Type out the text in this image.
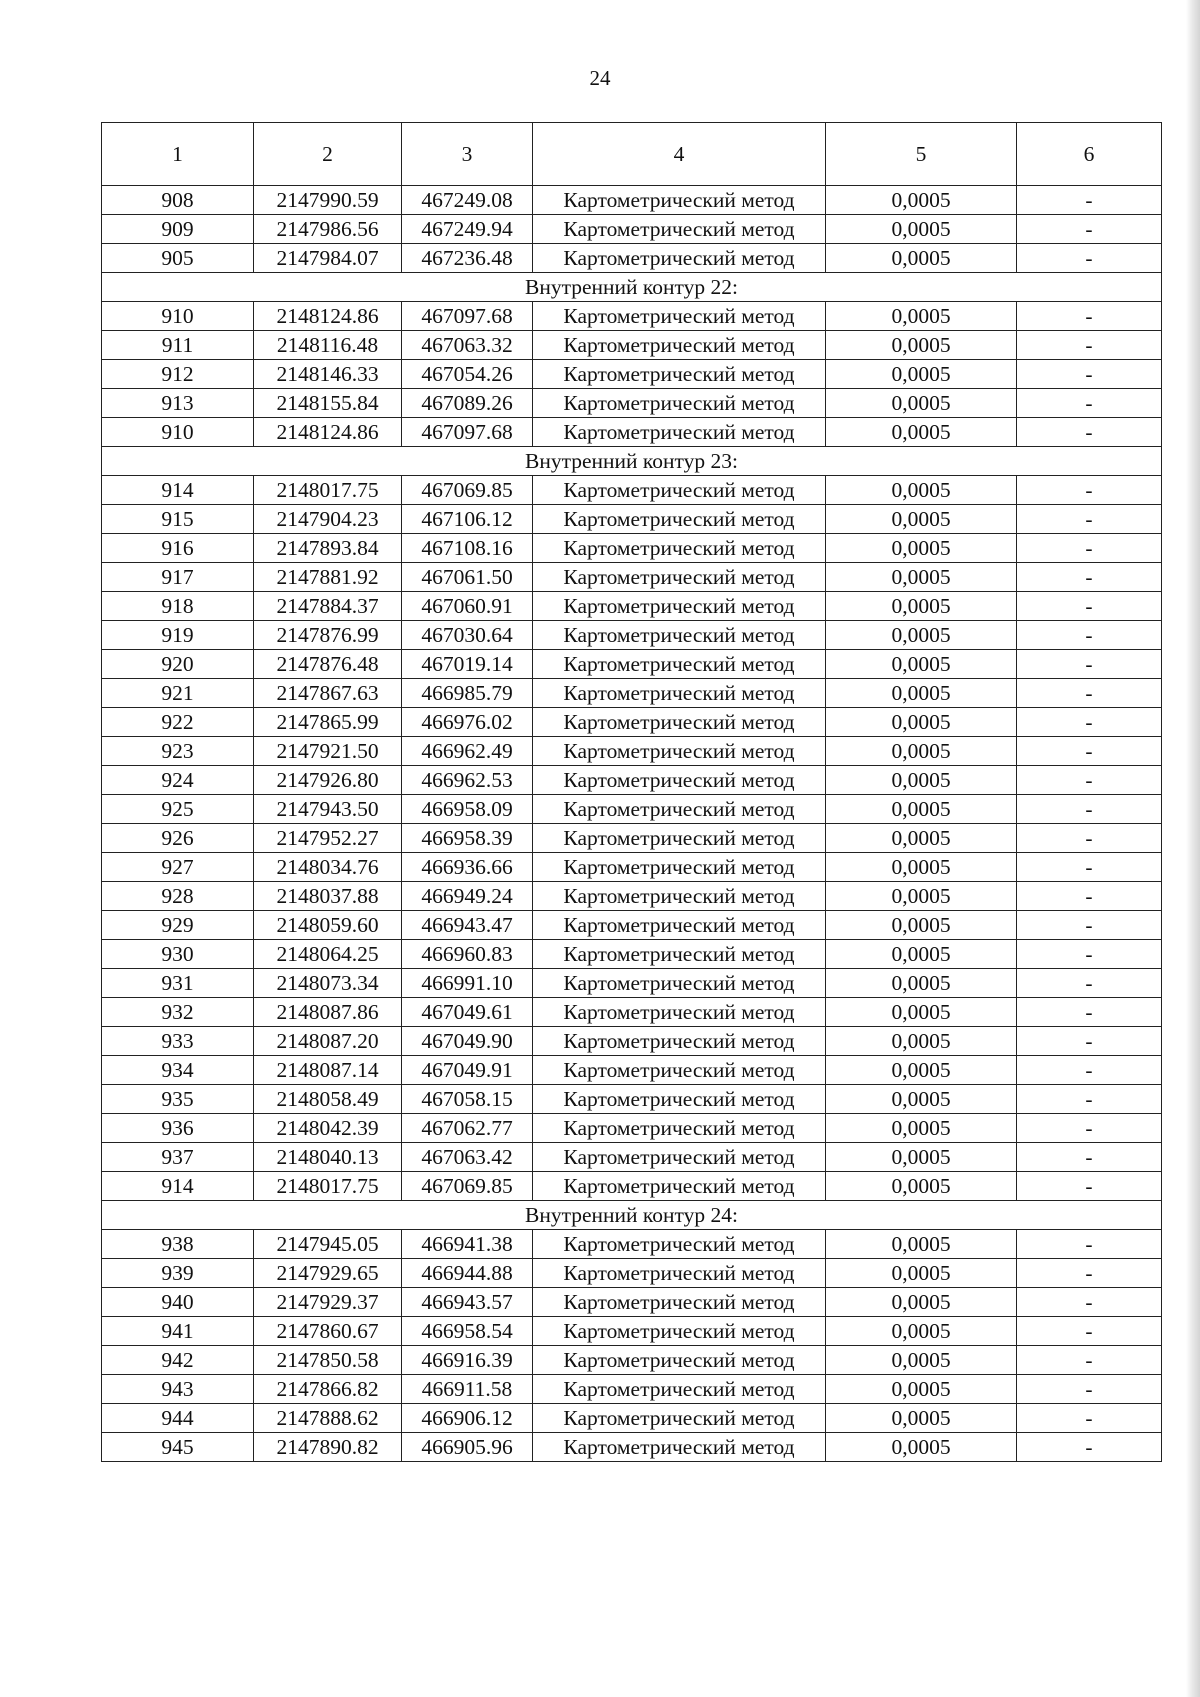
24
1	2	3	4	5	6
908	2147990.59	467249.08	Картометрический метод	0,0005	-
909	2147986.56	467249.94	Картометрический метод	0,0005	-
905	2147984.07	467236.48	Картометрический метод	0,0005	-
Внутренний контур 22:					
910	2148124.86	467097.68	Картометрический метод	0,0005	-
911	2148116.48	467063.32	Картометрический метод	0,0005	-
912	2148146.33	467054.26	Картометрический метод	0,0005	-
913	2148155.84	467089.26	Картометрический метод	0,0005	-
910	2148124.86	467097.68	Картометрический метод	0,0005	-
Внутренний контур 23:					
914	2148017.75	467069.85	Картометрический метод	0,0005	-
915	2147904.23	467106.12	Картометрический метод	0,0005	-
916	2147893.84	467108.16	Картометрический метод	0,0005	-
917	2147881.92	467061.50	Картометрический метод	0,0005	-
918	2147884.37	467060.91	Картометрический метод	0,0005	-
919	2147876.99	467030.64	Картометрический метод	0,0005	-
920	2147876.48	467019.14	Картометрический метод	0,0005	-
921	2147867.63	466985.79	Картометрический метод	0,0005	-
922	2147865.99	466976.02	Картометрический метод	0,0005	-
923	2147921.50	466962.49	Картометрический метод	0,0005	-
924	2147926.80	466962.53	Картометрический метод	0,0005	-
925	2147943.50	466958.09	Картометрический метод	0,0005	-
926	2147952.27	466958.39	Картометрический метод	0,0005	-
927	2148034.76	466936.66	Картометрический метод	0,0005	-
928	2148037.88	466949.24	Картометрический метод	0,0005	-
929	2148059.60	466943.47	Картометрический метод	0,0005	-
930	2148064.25	466960.83	Картометрический метод	0,0005	-
931	2148073.34	466991.10	Картометрический метод	0,0005	-
932	2148087.86	467049.61	Картометрический метод	0,0005	-
933	2148087.20	467049.90	Картометрический метод	0,0005	-
934	2148087.14	467049.91	Картометрический метод	0,0005	-
935	2148058.49	467058.15	Картометрический метод	0,0005	-
936	2148042.39	467062.77	Картометрический метод	0,0005	-
937	2148040.13	467063.42	Картометрический метод	0,0005	-
914	2148017.75	467069.85	Картометрический метод	0,0005	-
Внутренний контур 24:					
938	2147945.05	466941.38	Картометрический метод	0,0005	-
939	2147929.65	466944.88	Картометрический метод	0,0005	-
940	2147929.37	466943.57	Картометрический метод	0,0005	-
941	2147860.67	466958.54	Картометрический метод	0,0005	-
942	2147850.58	466916.39	Картометрический метод	0,0005	-
943	2147866.82	466911.58	Картометрический метод	0,0005	-
944	2147888.62	466906.12	Картометрический метод	0,0005	-
945	2147890.82	466905.96	Картометрический метод	0,0005	-
